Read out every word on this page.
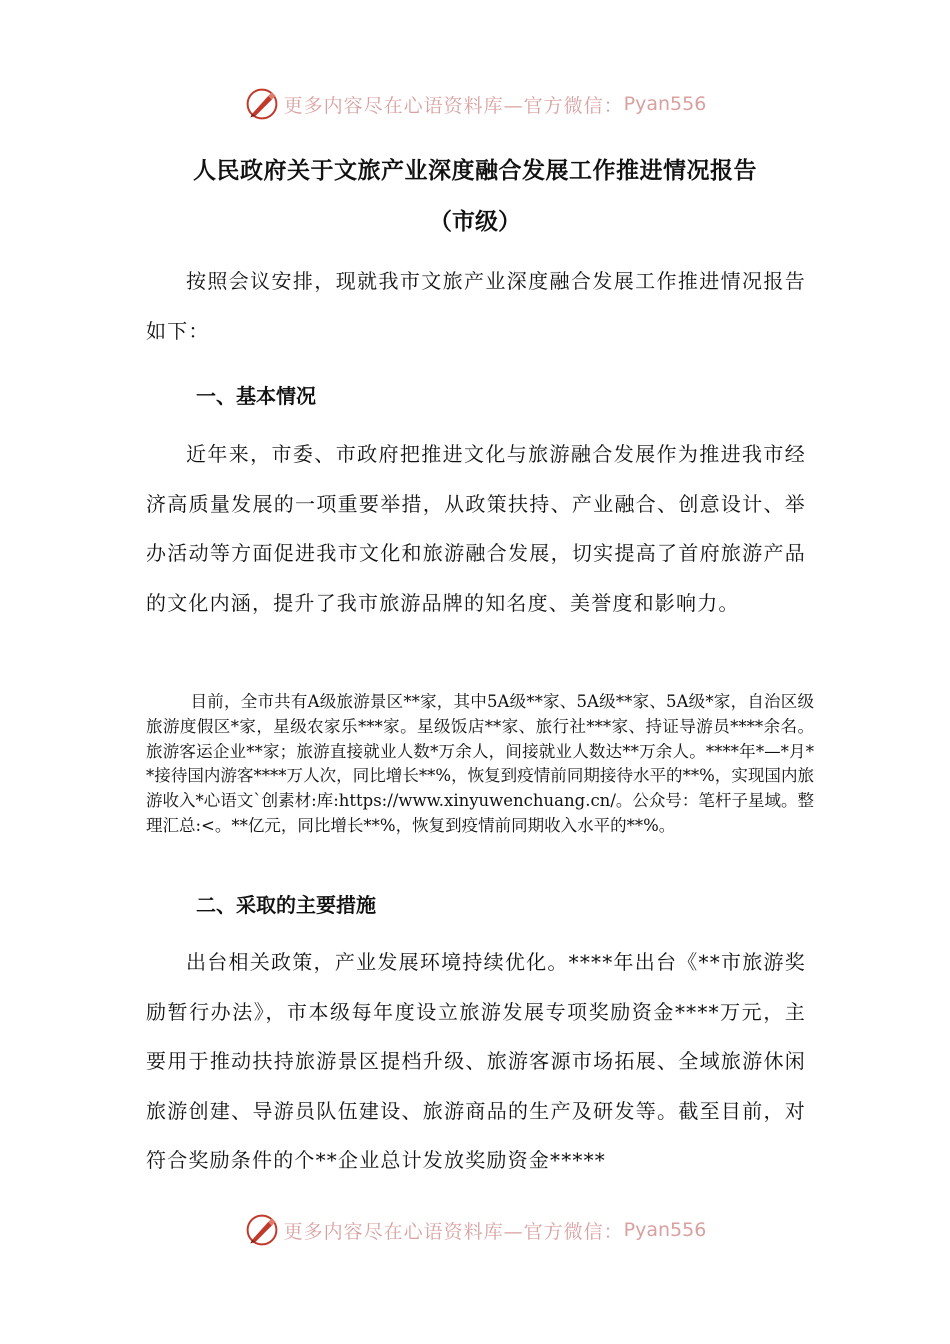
更多内容尽在心语资料库—官方微信： Pyan556
人民政府关于文旅产业深度融合发展工作推进情况报告
（市级）

按照会议安排，现就我市文旅产业深度融合发展工作推进情况报告如下：

一、基本情况

近年来，市委、市政府把推进文化与旅游融合发展作为推进我市经济高质量发展的一项重要举措，从政策扶持、产业融合、创意设计、举办活动等方面促进我市文化和旅游融合发展，切实提高了首府旅游产品的文化内涵，提升了我市旅游品牌的知名度、美誉度和影响力。

目前，全市共有A级旅游景区**家，其中5A级**家、5A级**家、5A级*家，自治区级旅游度假区*家，星级农家乐***家。星级饭店**家、旅行社***家、持证导游员****余名。旅游客运企业**家；旅游直接就业人数*万余人，间接就业人数达**万余人。****年*—*月**接待国内游客****万人次，同比增长**%，恢复到疫情前同期接待水平的**%，实现国内旅游收入*心语文`创素材:库:https://www.xinyuwenchuang.cn/。公众号：笔杆子星域。整理汇总:<。**亿元，同比增长**%，恢复到疫情前同期收入水平的**%。

二、采取的主要措施

出台相关政策，产业发展环境持续优化。****年出台《**市旅游奖励暂行办法》，市本级每年度设立旅游发展专项奖励资金****万元，主要用于推动扶持旅游景区提档升级、旅游客源市场拓展、全域旅游休闲旅游创建、导游员队伍建设、旅游商品的生产及研发等。截至目前，对符合奖励条件的个**企业总计发放奖励资金*****

更多内容尽在心语资料库—官方微信： Pyan556
